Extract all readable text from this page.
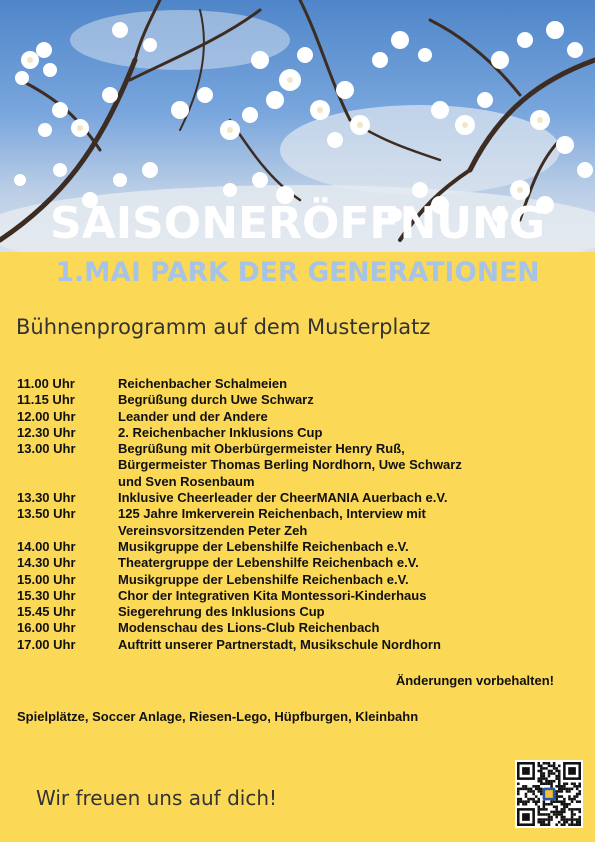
SAISONERÖFFNUNG
1.MAI PARK DER GENERATIONEN
Bühnenprogramm auf dem Musterplatz
11.00 Uhr	Reichenbacher Schalmeien
11.15 Uhr	Begrüßung durch Uwe Schwarz
12.00 Uhr	Leander und der Andere
12.30 Uhr	2. Reichenbacher Inklusions Cup
13.00 Uhr	Begrüßung mit Oberbürgermeister Henry Ruß,
Bürgermeister Thomas Berling Nordhorn, Uwe Schwarz
und Sven Rosenbaum
13.30 Uhr	Inklusive Cheerleader der CheerMANIA Auerbach e.V.
13.50 Uhr	125 Jahre Imkerverein Reichenbach, Interview mit
Vereinsvorsitzenden Peter Zeh
14.00 Uhr	Musikgruppe der Lebenshilfe Reichenbach e.V.
14.30 Uhr	Theatergruppe der Lebenshilfe Reichenbach e.V.
15.00 Uhr	Musikgruppe der Lebenshilfe Reichenbach e.V.
15.30 Uhr	Chor der Integrativen Kita Montessori-Kinderhaus
15.45 Uhr	Siegerehrung des Inklusions Cup
16.00 Uhr	Modenschau des Lions-Club Reichenbach
17.00 Uhr	Auftritt unserer Partnerstadt, Musikschule Nordhorn
Änderungen vorbehalten!
Spielplätze, Soccer Anlage, Riesen-Lego, Hüpfburgen, Kleinbahn
Wir freuen uns auf dich!
